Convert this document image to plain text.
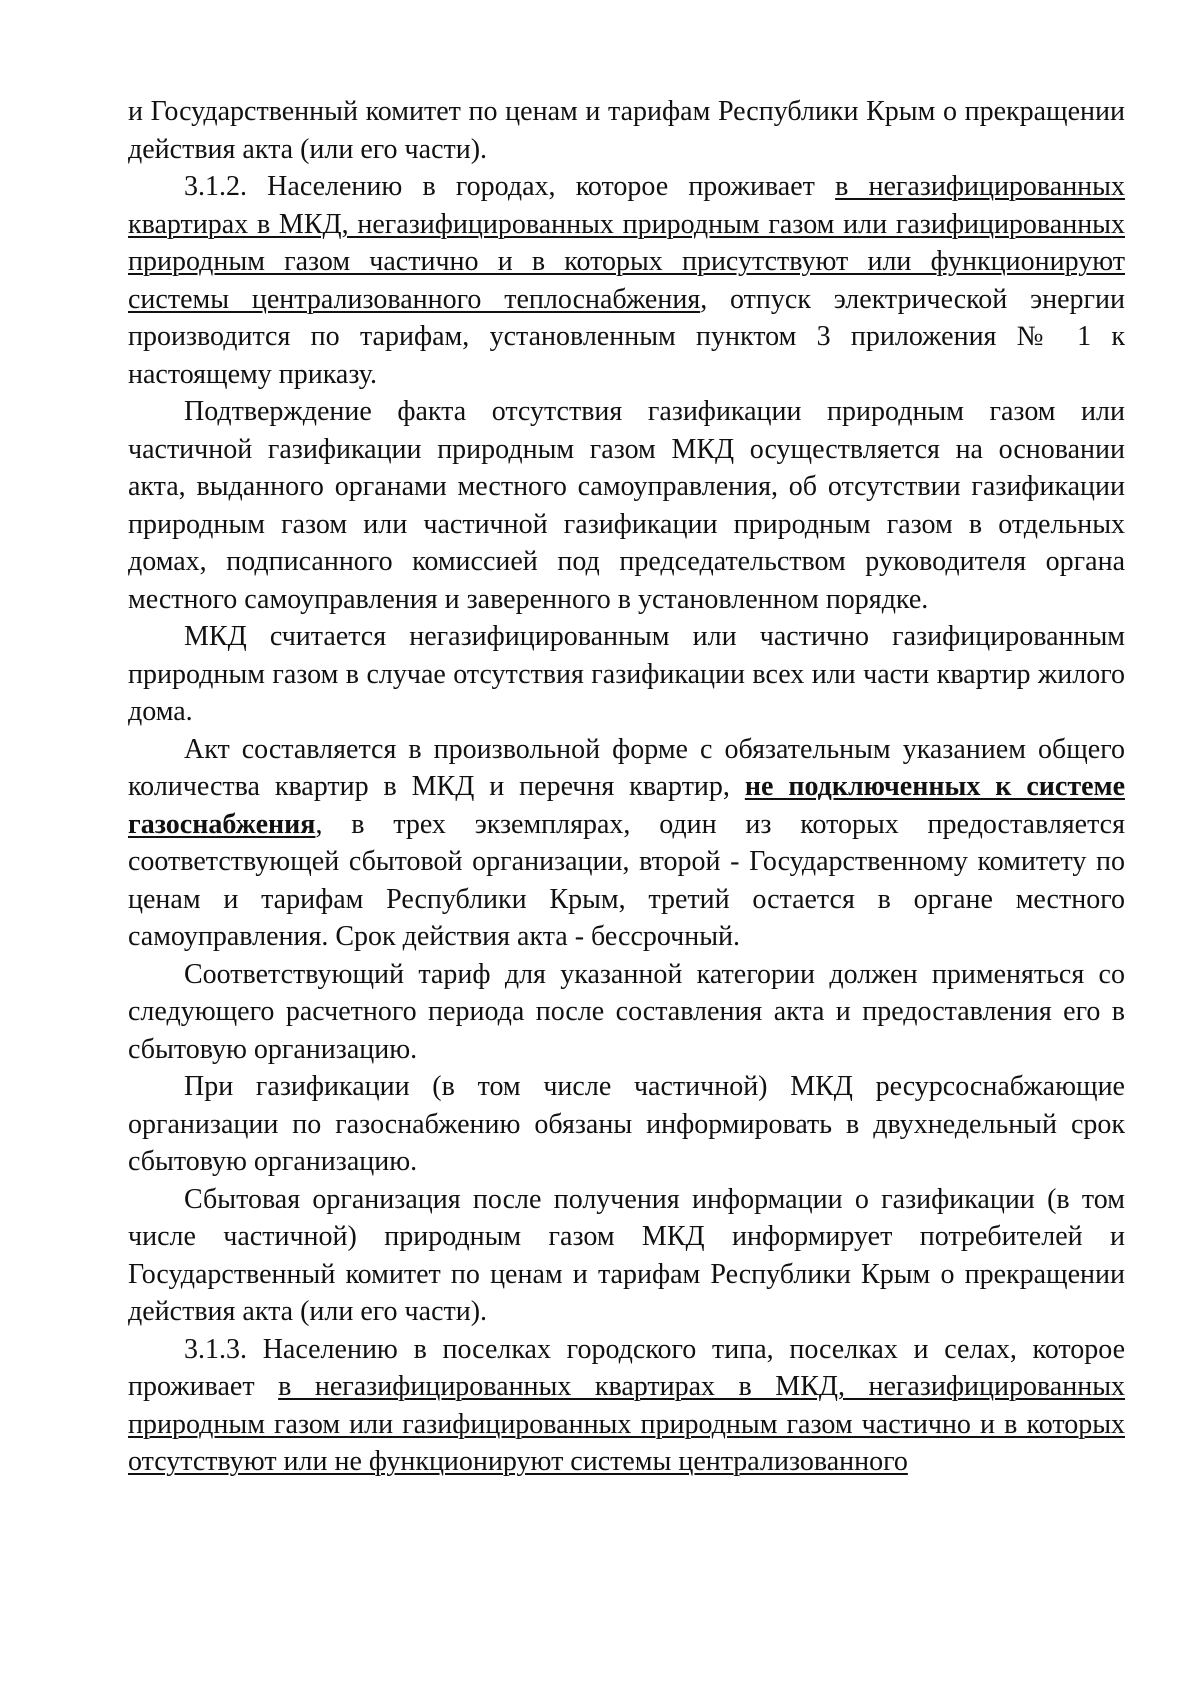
и Государственный комитет по ценам и тарифам Республики Крым о прекращении действия акта (или его части).

3.1.2. Населению в городах, которое проживает в негазифицированных квартирах в МКД, негазифицированных природным газом или газифицированных природным газом частично и в которых присутствуют или функционируют системы централизованного теплоснабжения, отпуск электрической энергии производится по тарифам, установленным пунктом 3 приложения № 1 к настоящему приказу.

Подтверждение факта отсутствия газификации природным газом или частичной газификации природным газом МКД осуществляется на основании акта, выданного органами местного самоуправления, об отсутствии газификации природным газом или частичной газификации природным газом в отдельных домах, подписанного комиссией под председательством руководителя органа местного самоуправления и заверенного в установленном порядке.

МКД считается негазифицированным или частично газифицированным природным газом в случае отсутствия газификации всех или части квартир жилого дома.

Акт составляется в произвольной форме с обязательным указанием общего количества квартир в МКД и перечня квартир, не подключенных к системе газоснабжения, в трех экземплярах, один из которых предоставляется соответствующей сбытовой организации, второй - Государственному комитету по ценам и тарифам Республики Крым, третий остается в органе местного самоуправления. Срок действия акта - бессрочный.

Соответствующий тариф для указанной категории должен применяться со следующего расчетного периода после составления акта и предоставления его в сбытовую организацию.

При газификации (в том числе частичной) МКД ресурсоснабжающие организации по газоснабжению обязаны информировать в двухнедельный срок сбытовую организацию.

Сбытовая организация после получения информации о газификации (в том числе частичной) природным газом МКД информирует потребителей и Государственный комитет по ценам и тарифам Республики Крым о прекращении действия акта (или его части).

3.1.3. Населению в поселках городского типа, поселках и селах, которое проживает в негазифицированных квартирах в МКД, негазифицированных природным газом или газифицированных природным газом частично и в которых отсутствуют или не функционируют системы централизованного
